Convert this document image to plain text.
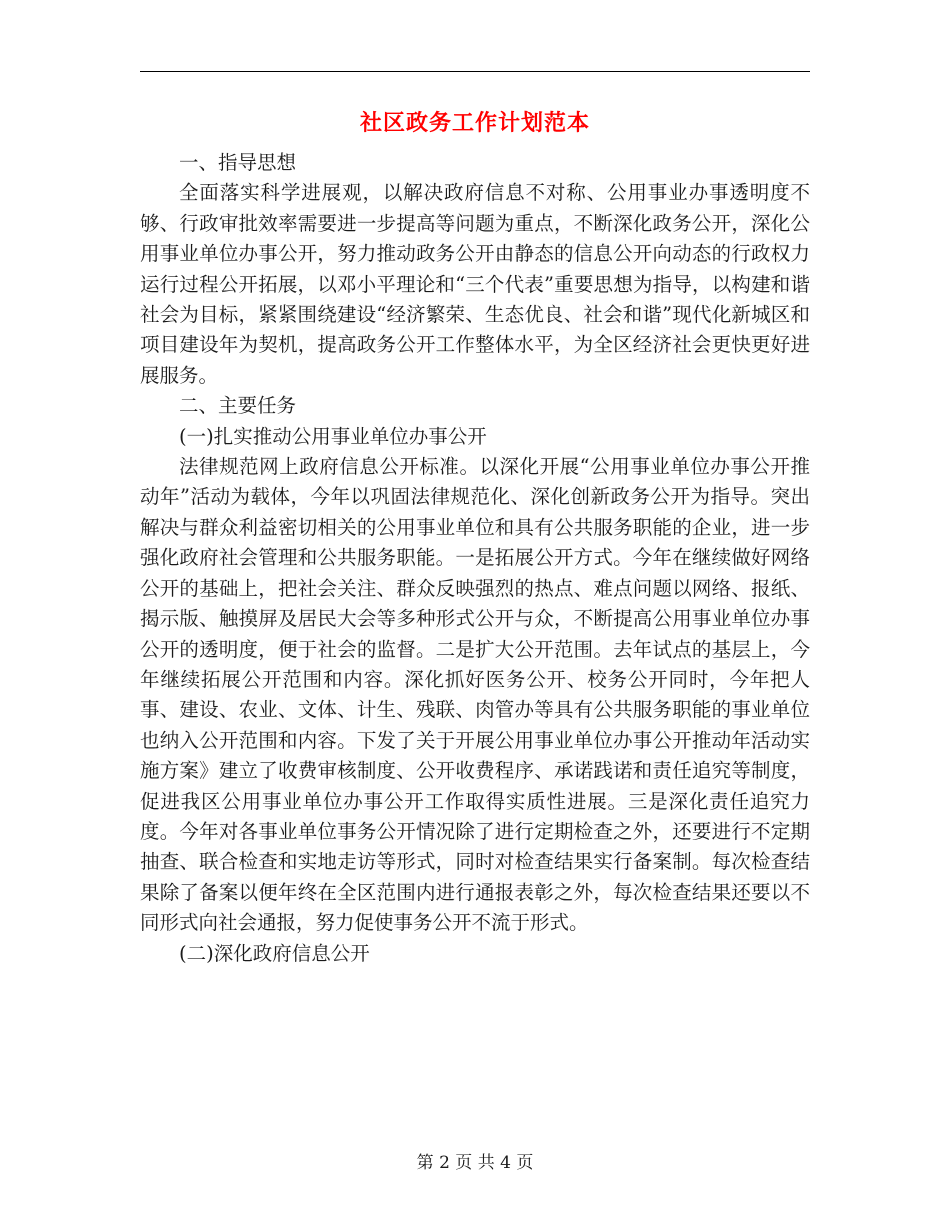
社区政务工作计划范本

一、指导思想

全面落实科学进展观，以解决政府信息不对称、公用事业办事透明度不够、行政审批效率需要进一步提高等问题为重点，不断深化政务公开，深化公用事业单位办事公开，努力推动政务公开由静态的信息公开向动态的行政权力运行过程公开拓展，以邓小平理论和“三个代表”重要思想为指导，以构建和谐社会为目标，紧紧围绕建设“经济繁荣、生态优良、社会和谐”现代化新城区和项目建设年为契机，提高政务公开工作整体水平，为全区经济社会更快更好进展服务。

二、主要任务

(一)扎实推动公用事业单位办事公开

法律规范网上政府信息公开标准。以深化开展“公用事业单位办事公开推动年”活动为载体，今年以巩固法律规范化、深化创新政务公开为指导。突出解决与群众利益密切相关的公用事业单位和具有公共服务职能的企业，进一步强化政府社会管理和公共服务职能。一是拓展公开方式。今年在继续做好网络公开的基础上，把社会关注、群众反映强烈的热点、难点问题以网络、报纸、揭示版、触摸屏及居民大会等多种形式公开与众，不断提高公用事业单位办事公开的透明度，便于社会的监督。二是扩大公开范围。去年试点的基层上，今年继续拓展公开范围和内容。深化抓好医务公开、校务公开同时，今年把人事、建设、农业、文体、计生、残联、肉管办等具有公共服务职能的事业单位也纳入公开范围和内容。下发了关于开展公用事业单位办事公开推动年活动实施方案》建立了收费审核制度、公开收费程序、承诺践诺和责任追究等制度，促进我区公用事业单位办事公开工作取得实质性进展。三是深化责任追究力度。今年对各事业单位事务公开情况除了进行定期检查之外，还要进行不定期抽查、联合检查和实地走访等形式，同时对检查结果实行备案制。每次检查结果除了备案以便年终在全区范围内进行通报表彰之外，每次检查结果还要以不同形式向社会通报，努力促使事务公开不流于形式。

(二)深化政府信息公开

第 2 页 共 4 页
